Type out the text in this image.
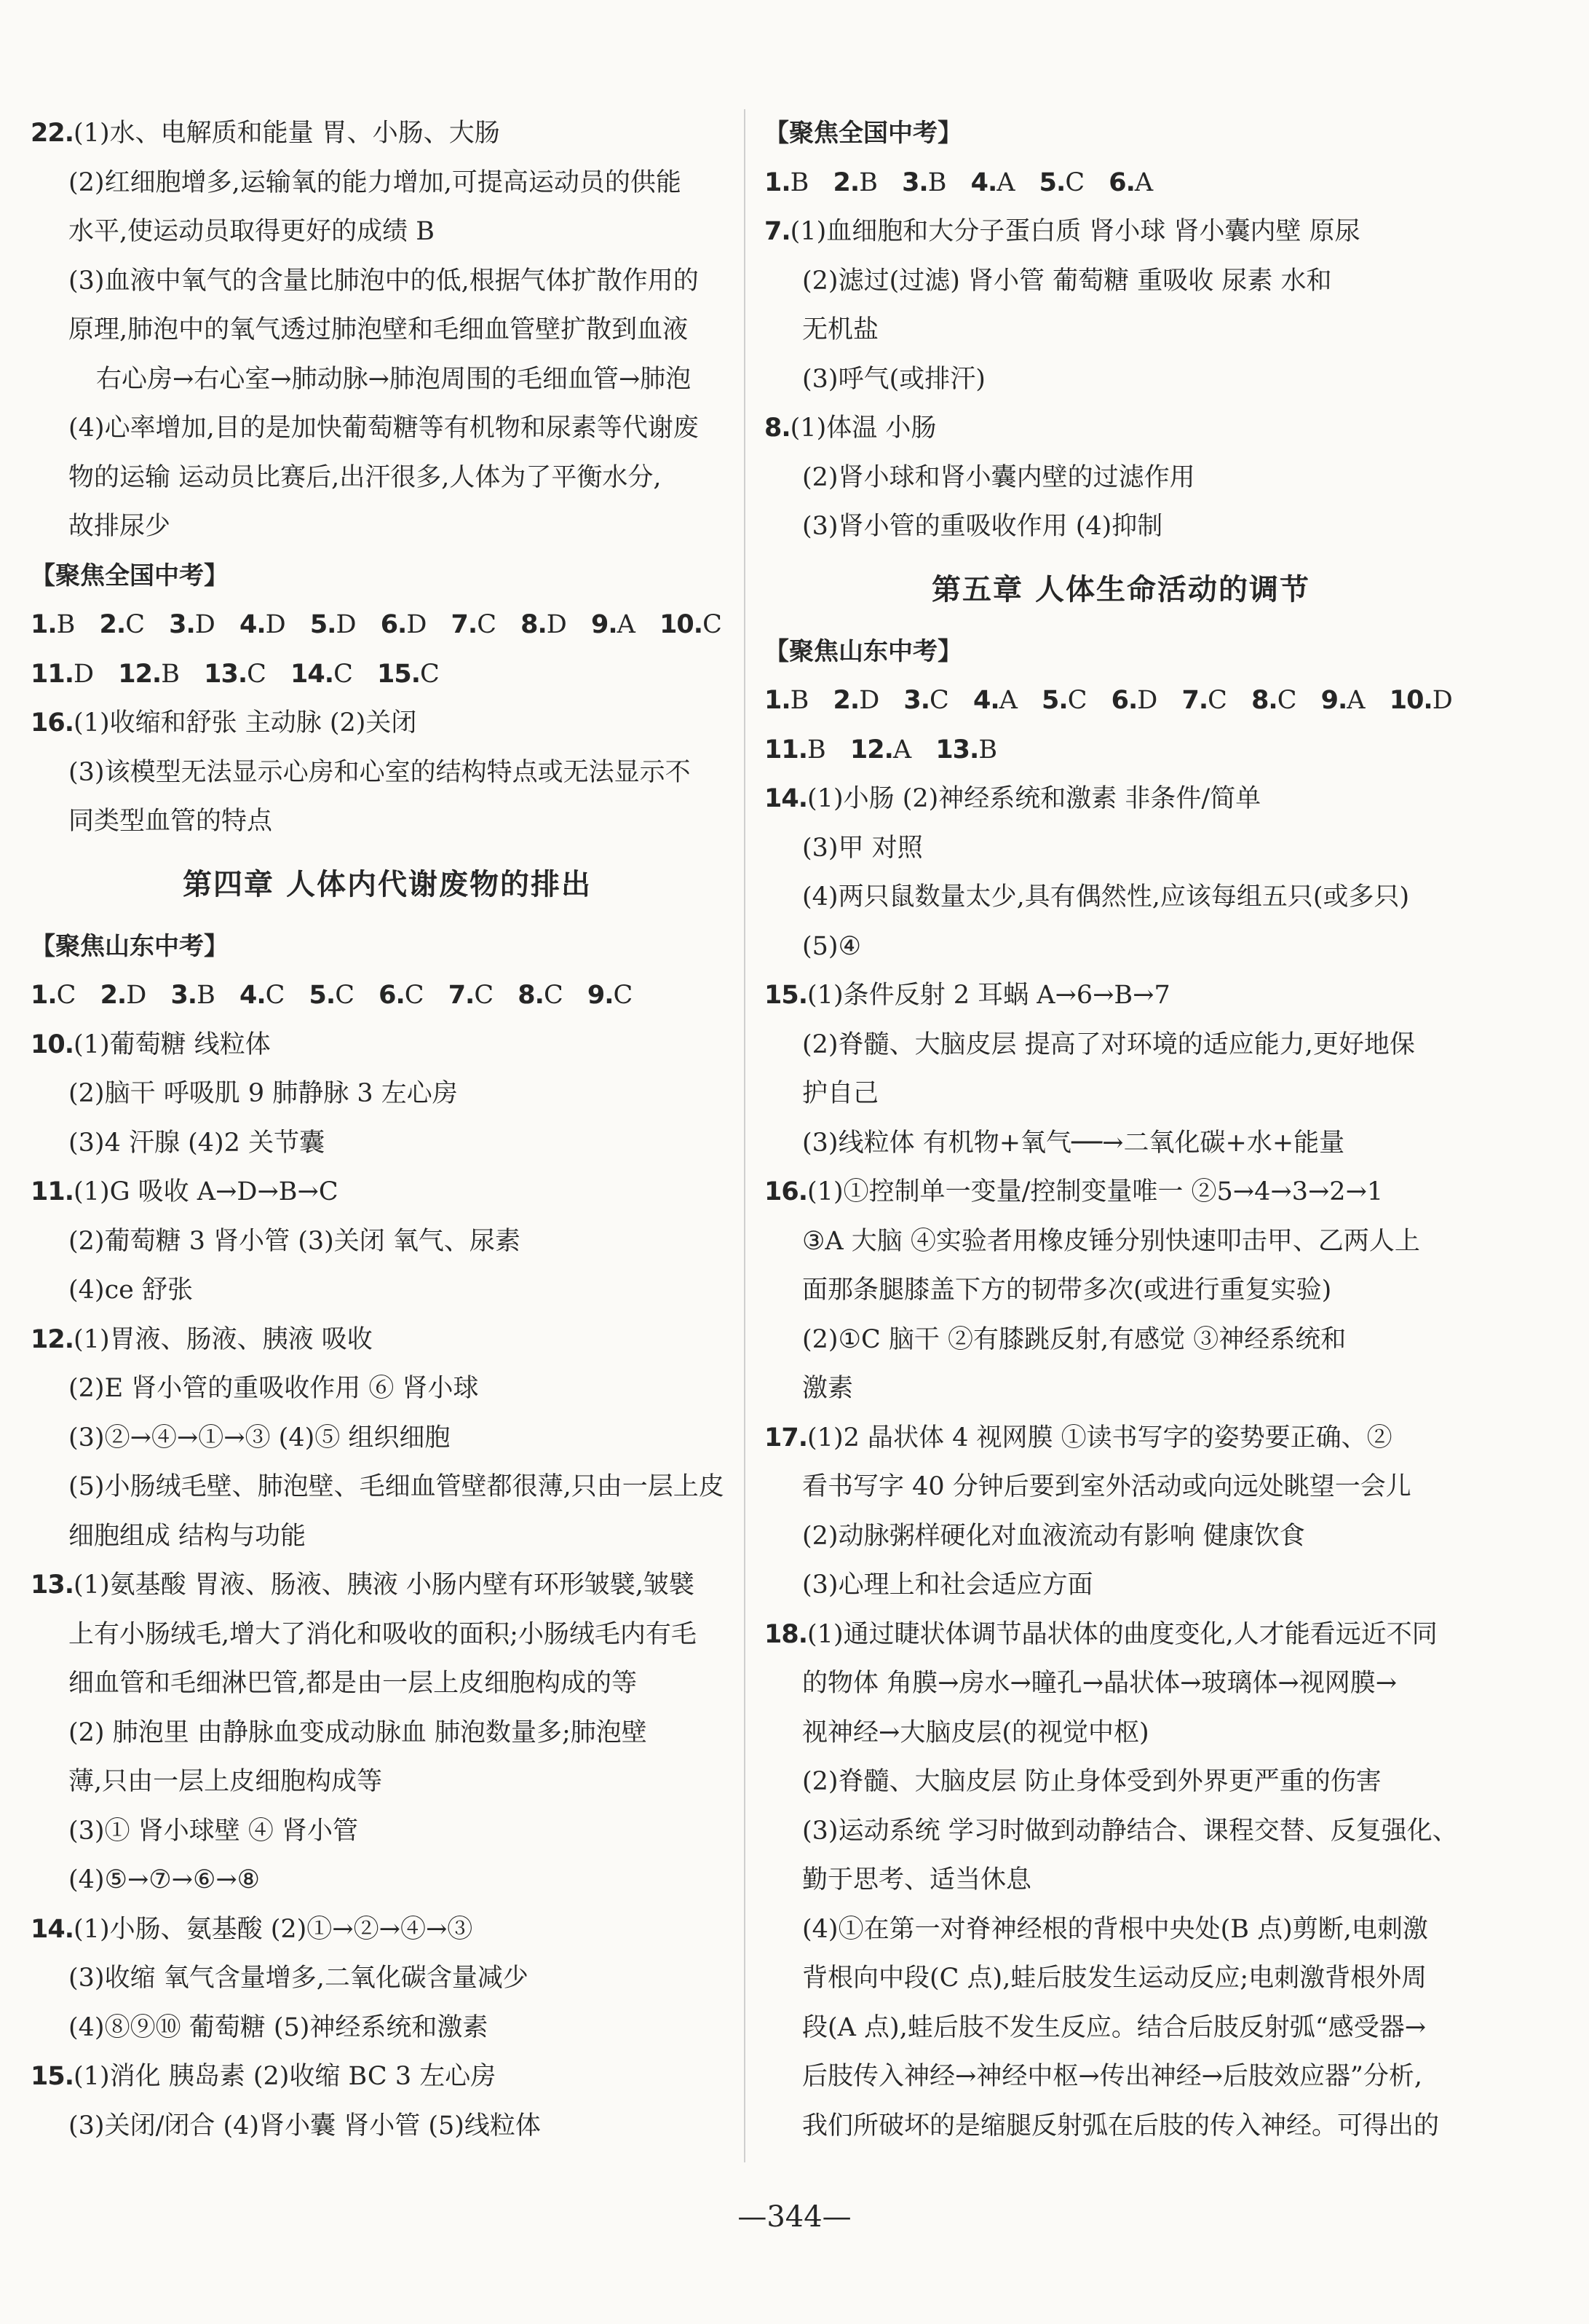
22.(1)水、电解质和能量 胃、小肠、大肠
(2)红细胞增多,运输氧的能力增加,可提高运动员的供能
水平,使运动员取得更好的成绩 B
(3)血液中氧气的含量比肺泡中的低,根据气体扩散作用的
原理,肺泡中的氧气透过肺泡壁和毛细血管壁扩散到血液
右心房→右心室→肺动脉→肺泡周围的毛细血管→肺泡
(4)心率增加,目的是加快葡萄糖等有机物和尿素等代谢废
物的运输 运动员比赛后,出汗很多,人体为了平衡水分,
故排尿少
【聚焦全国中考】
1.B 2.C 3.D 4.D 5.D 6.D 7.C 8.D 9.A 10.C
11.D 12.B 13.C 14.C 15.C
16.(1)收缩和舒张 主动脉 (2)关闭
(3)该模型无法显示心房和心室的结构特点或无法显示不
同类型血管的特点
第四章 人体内代谢废物的排出
【聚焦山东中考】
1.C 2.D 3.B 4.C 5.C 6.C 7.C 8.C 9.C
10.(1)葡萄糖 线粒体
(2)脑干 呼吸肌 9 肺静脉 3 左心房
(3)4 汗腺 (4)2 关节囊
11.(1)G 吸收 A→D→B→C
(2)葡萄糖 3 肾小管 (3)关闭 氧气、尿素
(4)ce 舒张
12.(1)胃液、肠液、胰液 吸收
(2)E 肾小管的重吸收作用 ⑥ 肾小球
(3)②→④→①→③ (4)⑤ 组织细胞
(5)小肠绒毛壁、肺泡壁、毛细血管壁都很薄,只由一层上皮
细胞组成 结构与功能
13.(1)氨基酸 胃液、肠液、胰液 小肠内壁有环形皱襞,皱襞
上有小肠绒毛,增大了消化和吸收的面积;小肠绒毛内有毛
细血管和毛细淋巴管,都是由一层上皮细胞构成的等
(2) 肺泡里 由静脉血变成动脉血 肺泡数量多;肺泡壁
薄,只由一层上皮细胞构成等
(3)① 肾小球壁 ④ 肾小管
(4)⑤→⑦→⑥→⑧
14.(1)小肠、氨基酸 (2)①→②→④→③
(3)收缩 氧气含量增多,二氧化碳含量减少
(4)⑧⑨⑩ 葡萄糖 (5)神经系统和激素
15.(1)消化 胰岛素 (2)收缩 BC 3 左心房
(3)关闭/闭合 (4)肾小囊 肾小管 (5)线粒体
【聚焦全国中考】
1.B 2.B 3.B 4.A 5.C 6.A
7.(1)血细胞和大分子蛋白质 肾小球 肾小囊内壁 原尿
(2)滤过(过滤) 肾小管 葡萄糖 重吸收 尿素 水和
无机盐
(3)呼气(或排汗)
8.(1)体温 小肠
(2)肾小球和肾小囊内壁的过滤作用
(3)肾小管的重吸收作用 (4)抑制
第五章 人体生命活动的调节
【聚焦山东中考】
1.B 2.D 3.C 4.A 5.C 6.D 7.C 8.C 9.A 10.D
11.B 12.A 13.B
14.(1)小肠 (2)神经系统和激素 非条件/简单
(3)甲 对照
(4)两只鼠数量太少,具有偶然性,应该每组五只(或多只)
(5)④
15.(1)条件反射 2 耳蜗 A→6→B→7
(2)脊髓、大脑皮层 提高了对环境的适应能力,更好地保
护自己
(3)线粒体 有机物+氧气──→二氧化碳+水+能量
16.(1)①控制单一变量/控制变量唯一 ②5→4→3→2→1
③A 大脑 ④实验者用橡皮锤分别快速叩击甲、乙两人上
面那条腿膝盖下方的韧带多次(或进行重复实验)
(2)①C 脑干 ②有膝跳反射,有感觉 ③神经系统和
激素
17.(1)2 晶状体 4 视网膜 ①读书写字的姿势要正确、②
看书写字 40 分钟后要到室外活动或向远处眺望一会儿
(2)动脉粥样硬化对血液流动有影响 健康饮食
(3)心理上和社会适应方面
18.(1)通过睫状体调节晶状体的曲度变化,人才能看远近不同
的物体 角膜→房水→瞳孔→晶状体→玻璃体→视网膜→
视神经→大脑皮层(的视觉中枢)
(2)脊髓、大脑皮层 防止身体受到外界更严重的伤害
(3)运动系统 学习时做到动静结合、课程交替、反复强化、
勤于思考、适当休息
(4)①在第一对脊神经根的背根中央处(B 点)剪断,电刺激
背根向中段(C 点),蛙后肢发生运动反应;电刺激背根外周
段(A 点),蛙后肢不发生反应。结合后肢反射弧“感受器→
后肢传入神经→神经中枢→传出神经→后肢效应器”分析,
我们所破坏的是缩腿反射弧在后肢的传入神经。可得出的
—344—
